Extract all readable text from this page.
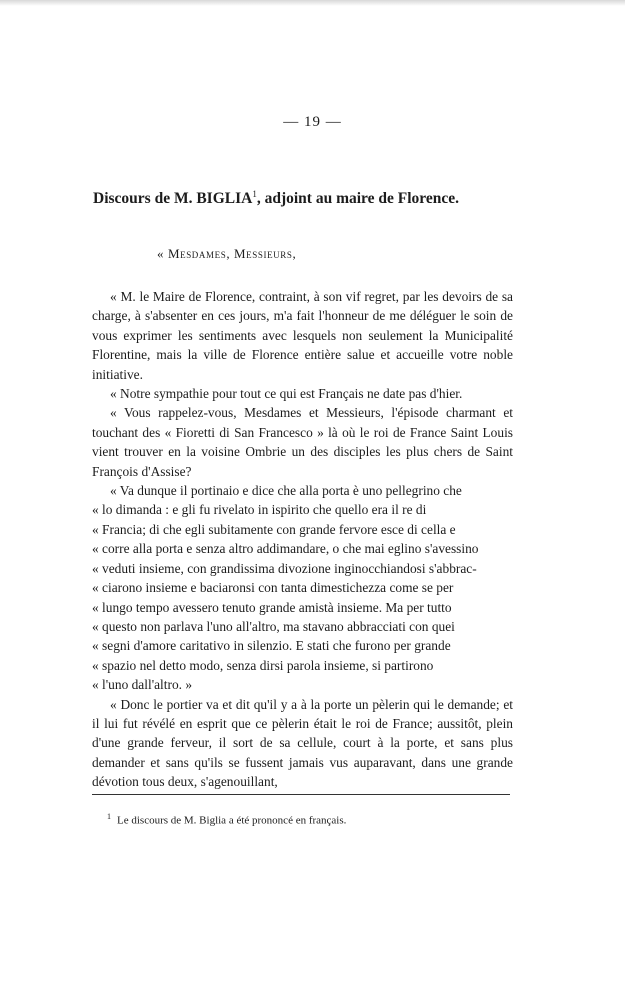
— 19 —
Discours de M. BIGLIA$^1$, adjoint au maire de Florence.
« Mesdames, Messieurs,

« M. le Maire de Florence, contraint, à son vif regret, par les devoirs de sa charge, à s'absenter en ces jours, m'a fait l'honneur de me déléguer le soin de vous exprimer les sentiments avec lesquels non seulement la Municipalité Florentine, mais la ville de Florence entière salue et accueille votre noble initiative.

« Notre sympathie pour tout ce qui est Français ne date pas d'hier.

« Vous rappelez-vous, Mesdames et Messieurs, l'épisode charmant et touchant des « Fioretti di San Francesco » là où le roi de France Saint Louis vient trouver en la voisine Ombrie un des disciples les plus chers de Saint François d'Assise?

« Va dunque il portinaio e dice che alla porta è uno pellegrino che

« lo dimanda : e gli fu rivelato in ispirito che quello era il re di

« Francia; di che egli subitamente con grande fervore esce di cella e

« corre alla porta e senza altro addimandare, o che mai eglino s'avessino

« veduti insieme, con grandissima divozione inginocchiandosi s'abbrac-

« ciarono insieme e baciaronsi con tanta dimestichezza come se per

« lungo tempo avessero tenuto grande amistà insieme. Ma per tutto

« questo non parlava l'uno all'altro, ma stavano abbracciati con quei

« segni d'amore caritativo in silenzio. E stati che furono per grande

« spazio nel detto modo, senza dirsi parola insieme, si partirono

« l'uno dall'altro. »

« Donc le portier va et dit qu'il y a à la porte un pèlerin qui le demande; et il lui fut révélé en esprit que ce pèlerin était le roi de France; aussitôt, plein d'une grande ferveur, il sort de sa cellule, court à la porte, et sans plus demander et sans qu'ils se fussent jamais vus auparavant, dans une grande dévotion tous deux, s'agenouillant,

$^1$ Le discours de M. Biglia a été prononcé en français.
